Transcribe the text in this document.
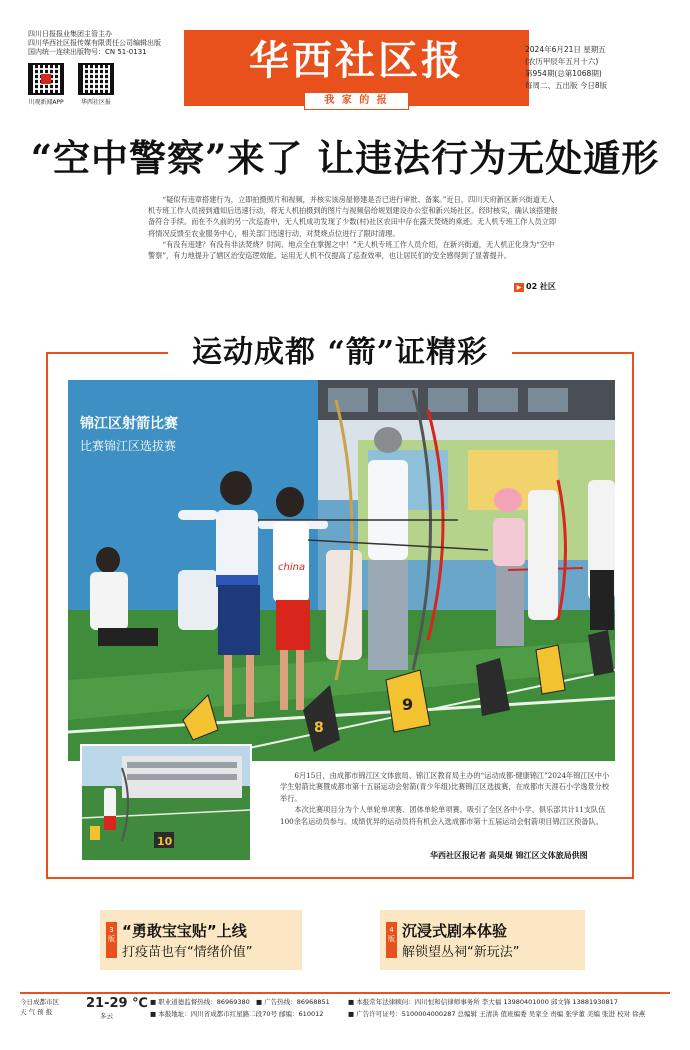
四川日报报业集团主管主办
四川华西社区报传媒有限责任公司编辑出版
国内统一连续出版物号：CN 51-0131
川观新闻APP	华西社区报
华西社区报
我 家 的 报
2024年6月21日 星期五
(农历甲辰年五月十六)
第954期(总第1068期)
每周二、五出版 今日8版
“空中警察”来了 让违法行为无处遁形

“疑似有违章搭建行为，立即拍摄照片和视频，并核实该房屋修建是否已进行审批、备案。”近日，四川天府新区新兴街道无人机专班工作人员接到通知后迅速行动，将无人机拍摄到的图片与视频倍给规划建设办公室和新兴场社区。经时核实，确认该搭建报备符合手续。而在不久前的另一次巡查中，无人机成功发现了少数(村)社区农田中存在露天焚烧的乘迹。无人机专班工作人员立即将情况反馈至农业服务中心，相关部门迅速行动，对焚烧点位进行了限时清理。

“有没有违建？有没有非法焚烧？时间、地点全在掌握之中！”无人机专班工作人员介绍，在新兴街道，无人机正化身为“空中警察”，有力地提升了辖区治安巡逻效能。运用无人机不仅提高了巡查效率，也让居民们的安全感得到了显著提升。

▶ 02 社区
运动成都 “箭”证精彩
锦江区射箭比赛
比赛锦江区选拔赛
china
8
9
10

6月15日，由成都市锦江区文体旅局、锦江区教育局主办的“运动成都·健康锦江”2024年锦江区中小学生射箭比赛暨成都市第十五届运动会射箭(青少年组)比赛锦江区选拔赛，在成都市天涯石小学逸景分校举行。

本次比赛项目分为个人单轮单项赛、团体单轮单项赛，吸引了全区各中小学、俱乐部共计11支队伍100余名运动员参与。成绩优异的运动员将有机会入选成都市第十五届运动会射箭项目锦江区预备队。

华西社区报记者 高昊焜 锦江区文体旅局供图
3版 “勇敢宝宝贴”上线
打疫苗也有“情绪价值”
4版 沉浸式剧本体验
解锁望丛祠“新玩法”
今日成都市区
天 气 预 报
21-29 ℃
多云
■ 职业道德监督热线：86969380
■ 本报地址：四川省成都市红星路二段70号 邮编：610012
■ 广告热线：86968851	■ 本报常年法律顾问：四川恒和信律师事务所 李大福 13980401000 邱文锋 13881930817
■ 广告许可证号：5100004000287 总编辑 王清洪 值班编委 吴家全 责编 张学董 美编 张进 校对 徐燕
